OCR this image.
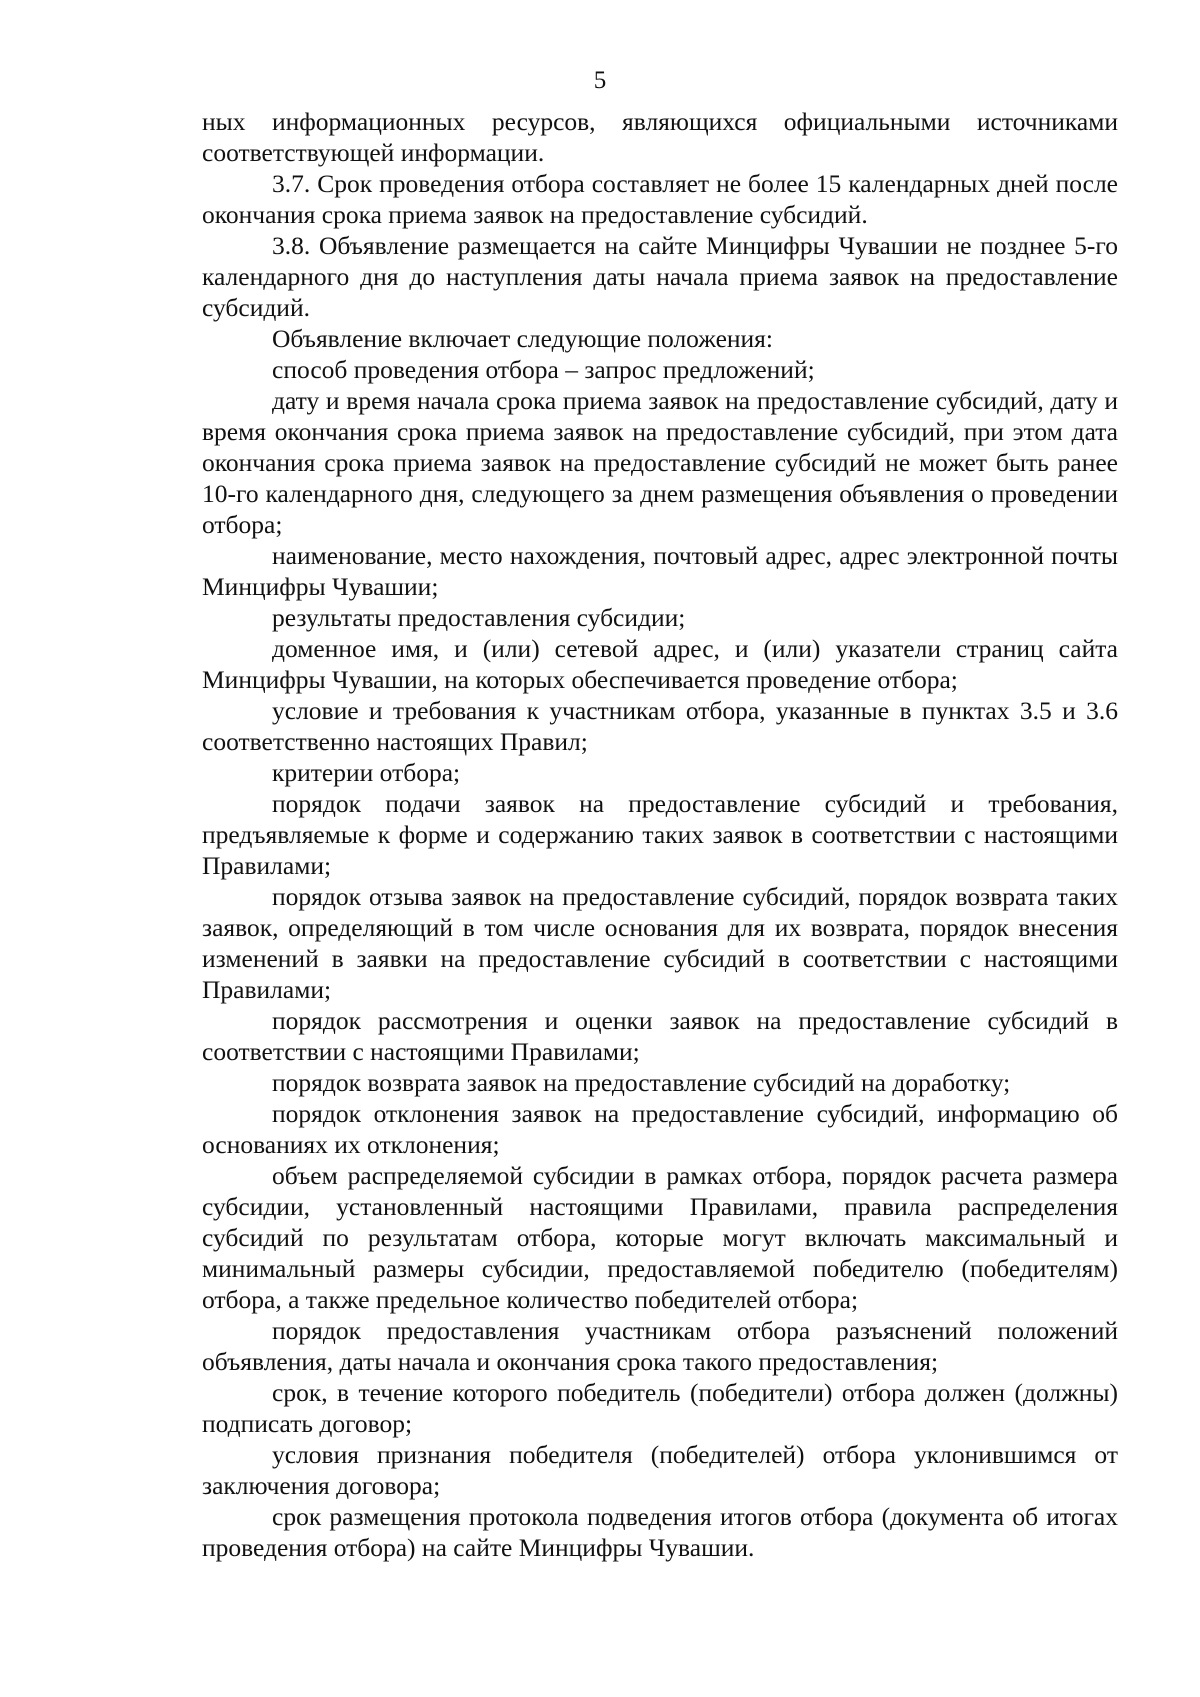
5

ных информационных ресурсов, являющихся официальными источниками соответствующей информации.

3.7. Срок проведения отбора составляет не более 15 календарных дней после окончания срока приема заявок на предоставление субсидий.

3.8. Объявление размещается на сайте Минцифры Чувашии не позднее 5-го календарного дня до наступления даты начала приема заявок на предоставление субсидий.

Объявление включает следующие положения:

способ проведения отбора – запрос предложений;

дату и время начала срока приема заявок на предоставление субсидий, дату и время окончания срока приема заявок на предоставление субсидий, при этом дата окончания срока приема заявок на предоставление субсидий не может быть ранее 10-го календарного дня, следующего за днем размещения объявления о проведении отбора;

наименование, место нахождения, почтовый адрес, адрес электронной почты Минцифры Чувашии;

результаты предоставления субсидии;

доменное имя, и (или) сетевой адрес, и (или) указатели страниц сайта Минцифры Чувашии, на которых обеспечивается проведение отбора;

условие и требования к участникам отбора, указанные в пунктах 3.5 и 3.6 соответственно настоящих Правил;

критерии отбора;

порядок подачи заявок на предоставление субсидий и требования, предъявляемые к форме и содержанию таких заявок в соответствии с настоящими Правилами;

порядок отзыва заявок на предоставление субсидий, порядок возврата таких заявок, определяющий в том числе основания для их возврата, порядок внесения изменений в заявки на предоставление субсидий в соответствии с настоящими Правилами;

порядок рассмотрения и оценки заявок на предоставление субсидий в соответствии с настоящими Правилами;

порядок возврата заявок на предоставление субсидий на доработку;

порядок отклонения заявок на предоставление субсидий, информацию об основаниях их отклонения;

объем распределяемой субсидии в рамках отбора, порядок расчета размера субсидии, установленный настоящими Правилами, правила распределения субсидий по результатам отбора, которые могут включать максимальный и минимальный размеры субсидии, предоставляемой победителю (победителям) отбора, а также предельное количество победителей отбора;

порядок предоставления участникам отбора разъяснений положений объявления, даты начала и окончания срока такого предоставления;

срок, в течение которого победитель (победители) отбора должен (должны) подписать договор;

условия признания победителя (победителей) отбора уклонившимся от заключения договора;

срок размещения протокола подведения итогов отбора (документа об итогах проведения отбора) на сайте Минцифры Чувашии.
